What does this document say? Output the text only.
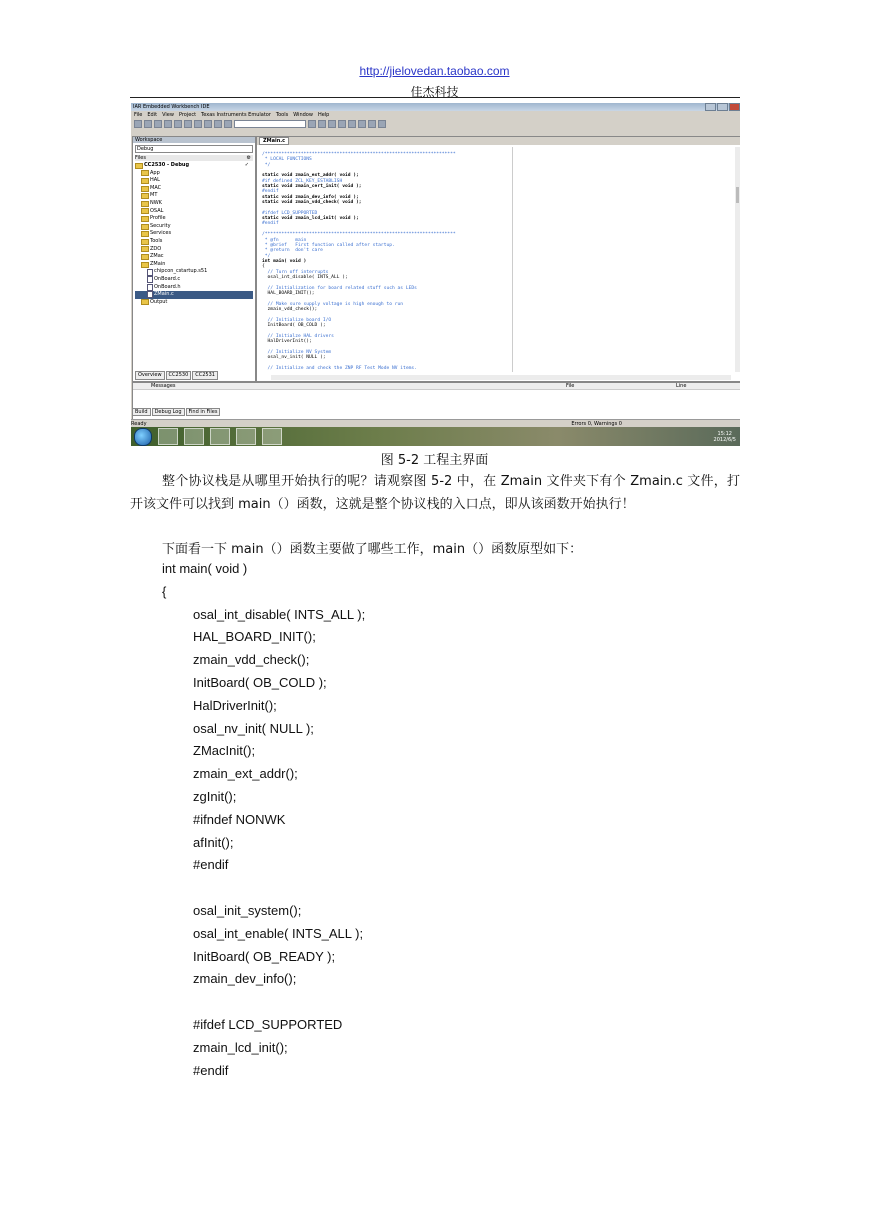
http://jielovedan.taobao.com
佳杰科技
IAR Embedded Workbench IDE
File Edit View Project Texas Instruments Emulator Tools Window Help
Workspace
Debug
Files	⚙
CC2530 - Debug	✓
App
HAL
MAC
MT
NWK
OSAL
Profile
Security
Services
Tools
ZDO
ZMac
ZMain
chipcon_cstartup.s51
OnBoard.c
OnBoard.h
ZMain.c
Output
Overview	CC2530	CC2531
ZMain.c
/*********************************************************************
* LOCAL FUNCTIONS
*/

static void zmain_ext_addr( void );
#if defined ZCL_KEY_ESTABLISH
static void zmain_cert_init( void );
#endif
static void zmain_dev_info( void );
static void zmain_vdd_check( void );

#ifdef LCD_SUPPORTED
static void zmain_lcd_init( void );
#endif

/*********************************************************************
* @fn      main
* @brief   First function called after startup.
* @return  don't care
*/
int main( void )
{
// Turn off interrupts
osal_int_disable( INTS_ALL );

// Initialization for board related stuff such as LEDs
HAL_BOARD_INIT();

// Make sure supply voltage is high enough to run
zmain_vdd_check();

// Initialize board I/O
InitBoard( OB_COLD );

// Initialze HAL drivers
HalDriverInit();

// Initialize NV System
osal_nv_init( NULL );

// Initialize and check the ZNP RF Test Mode NV items.
Messages	File	Line
Build	Debug Log	Find in Files
Ready	Errors 0, Warnings 0
15:12
2012/6/5
图 5-2 工程主界面
整个协议栈是从哪里开始执行的呢？请观察图 5-2 中，在 Zmain 文件夹下有个 Zmain.c 文件，打开该文件可以找到 main（）函数，这就是整个协议栈的入口点，即从该函数开始执行！
下面看一下 main（）函数主要做了哪些工作，main（）函数原型如下：
int main( void )
{
osal_int_disable( INTS_ALL );
HAL_BOARD_INIT();
zmain_vdd_check();
InitBoard( OB_COLD );
HalDriverInit();
osal_nv_init( NULL );
ZMacInit();
zmain_ext_addr();
zgInit();
#ifndef NONWK
afInit();
#endif
osal_init_system();
osal_int_enable( INTS_ALL );
InitBoard( OB_READY );
zmain_dev_info();
#ifdef LCD_SUPPORTED
zmain_lcd_init();
#endif
